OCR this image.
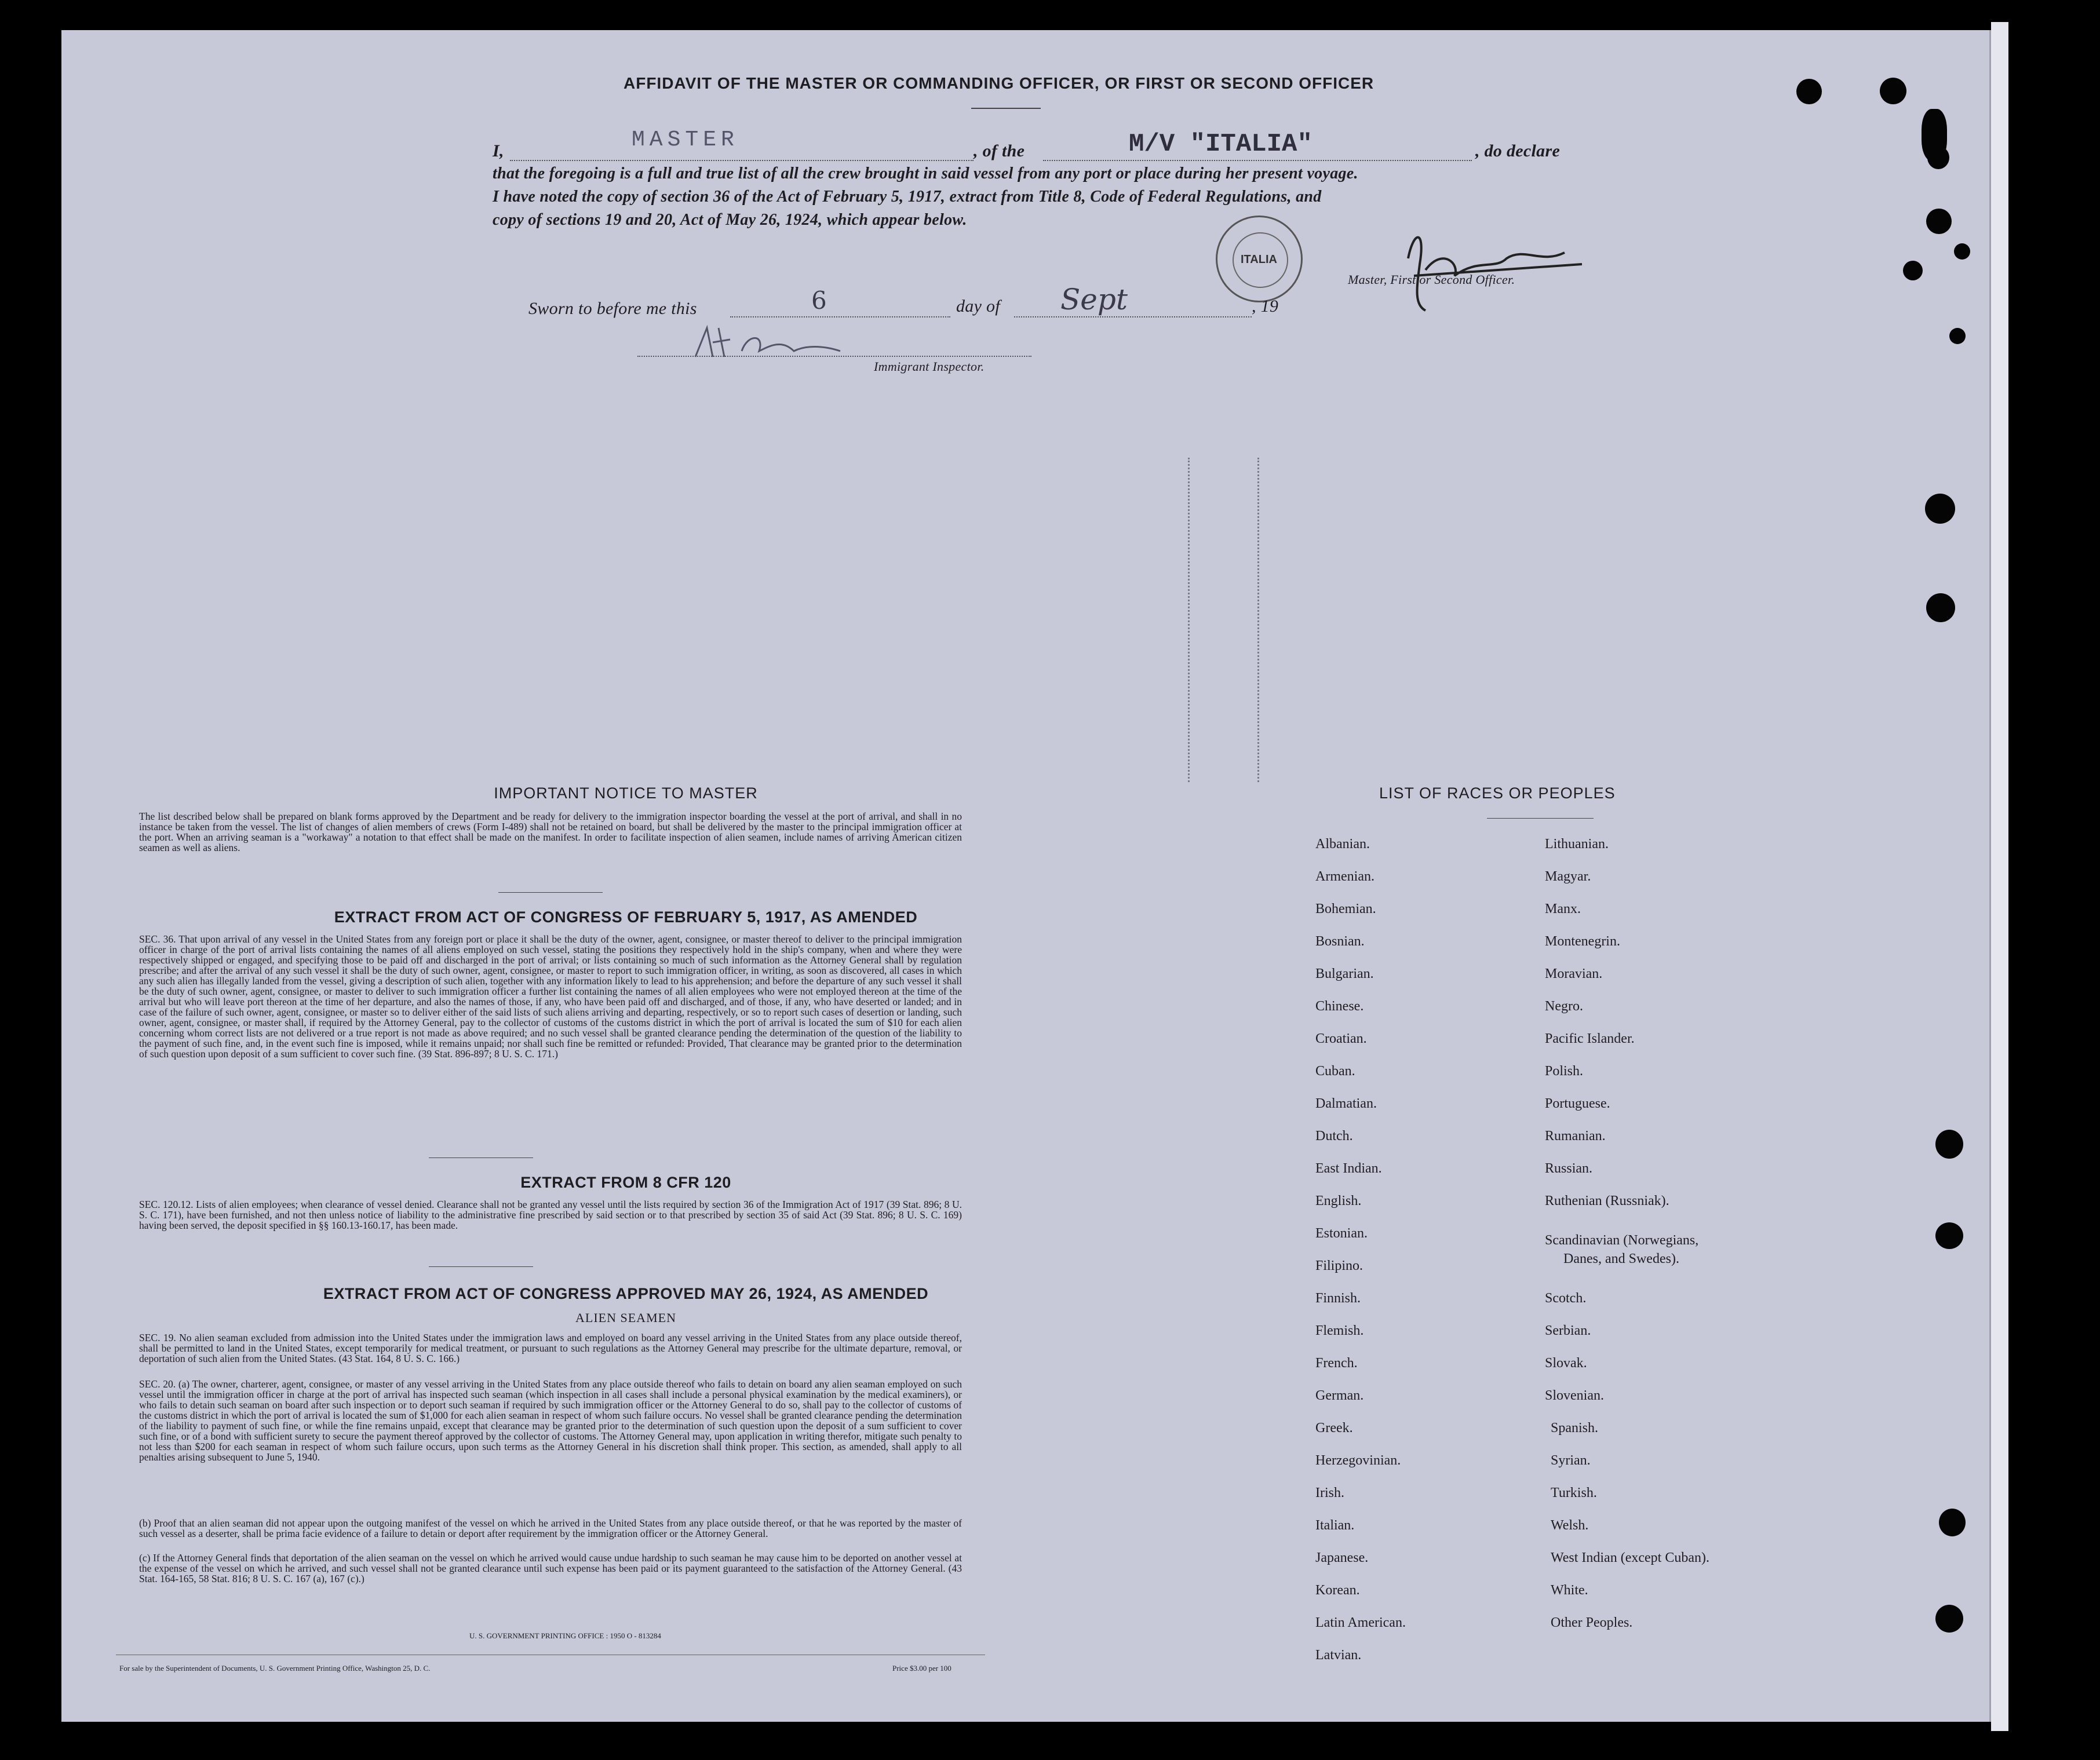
AFFIDAVIT OF THE MASTER OR COMMANDING OFFICER, OR FIRST OR SECOND OFFICER
I,	MASTER	, of the	M/V "ITALIA"	, do declare
that the foregoing is a full and true list of all the crew brought in said vessel from any port or place during her present voyage.
I have noted the copy of section 36 of the Act of February 5, 1917, extract from Title 8, Code of Federal Regulations, and
copy of sections 19 and 20, Act of May 26, 1924, which appear below.
ITALIA
Master, First or Second Officer.
Sworn to before me this	6	day of Sept	, 19
Immigrant Inspector.
IMPORTANT NOTICE TO MASTER
The list described below shall be prepared on blank forms approved by the Department and be ready for delivery to the immigration inspector boarding the vessel at the port of arrival, and shall in no instance be taken from the vessel. The list of changes of alien members of crews (Form I-489) shall not be retained on board, but shall be delivered by the master to the principal immigration officer at the port. When an arriving seaman is a "workaway" a notation to that effect shall be made on the manifest. In order to facilitate inspection of alien seamen, include names of arriving American citizen seamen as well as aliens.
EXTRACT FROM ACT OF CONGRESS OF FEBRUARY 5, 1917, AS AMENDED
SEC. 36. That upon arrival of any vessel in the United States from any foreign port or place it shall be the duty of the owner, agent, consignee, or master thereof to deliver to the principal immigration officer in charge of the port of arrival lists containing the names of all aliens employed on such vessel, stating the positions they respectively hold in the ship's company, when and where they were respectively shipped or engaged, and specifying those to be paid off and discharged in the port of arrival; or lists containing so much of such information as the Attorney General shall by regulation prescribe; and after the arrival of any such vessel it shall be the duty of such owner, agent, consignee, or master to report to such immigration officer, in writing, as soon as discovered, all cases in which any such alien has illegally landed from the vessel, giving a description of such alien, together with any information likely to lead to his apprehension; and before the departure of any such vessel it shall be the duty of such owner, agent, consignee, or master to deliver to such immigration officer a further list containing the names of all alien employees who were not employed thereon at the time of the arrival but who will leave port thereon at the time of her departure, and also the names of those, if any, who have been paid off and discharged, and of those, if any, who have deserted or landed; and in case of the failure of such owner, agent, consignee, or master so to deliver either of the said lists of such aliens arriving and departing, respectively, or so to report such cases of desertion or landing, such owner, agent, consignee, or master shall, if required by the Attorney General, pay to the collector of customs of the customs district in which the port of arrival is located the sum of $10 for each alien concerning whom correct lists are not delivered or a true report is not made as above required; and no such vessel shall be granted clearance pending the determination of the question of the liability to the payment of such fine, and, in the event such fine is imposed, while it remains unpaid; nor shall such fine be remitted or refunded: Provided, That clearance may be granted prior to the determination of such question upon deposit of a sum sufficient to cover such fine. (39 Stat. 896-897; 8 U. S. C. 171.)
EXTRACT FROM 8 CFR 120
SEC. 120.12. Lists of alien employees; when clearance of vessel denied. Clearance shall not be granted any vessel until the lists required by section 36 of the Immigration Act of 1917 (39 Stat. 896; 8 U. S. C. 171), have been furnished, and not then unless notice of liability to the administrative fine prescribed by said section or to that prescribed by section 35 of said Act (39 Stat. 896; 8 U. S. C. 169) having been served, the deposit specified in §§ 160.13-160.17, has been made.
EXTRACT FROM ACT OF CONGRESS APPROVED MAY 26, 1924, AS AMENDED
ALIEN SEAMEN
SEC. 19. No alien seaman excluded from admission into the United States under the immigration laws and employed on board any vessel arriving in the United States from any place outside thereof, shall be permitted to land in the United States, except temporarily for medical treatment, or pursuant to such regulations as the Attorney General may prescribe for the ultimate departure, removal, or deportation of such alien from the United States. (43 Stat. 164, 8 U. S. C. 166.)
SEC. 20. (a) The owner, charterer, agent, consignee, or master of any vessel arriving in the United States from any place outside thereof who fails to detain on board any alien seaman employed on such vessel until the immigration officer in charge at the port of arrival has inspected such seaman (which inspection in all cases shall include a personal physical examination by the medical examiners), or who fails to detain such seaman on board after such inspection or to deport such seaman if required by such immigration officer or the Attorney General to do so, shall pay to the collector of customs of the customs district in which the port of arrival is located the sum of $1,000 for each alien seaman in respect of whom such failure occurs. No vessel shall be granted clearance pending the determination of the liability to payment of such fine, or while the fine remains unpaid, except that clearance may be granted prior to the determination of such question upon the deposit of a sum sufficient to cover such fine, or of a bond with sufficient surety to secure the payment thereof approved by the collector of customs. The Attorney General may, upon application in writing therefor, mitigate such penalty to not less than $200 for each seaman in respect of whom such failure occurs, upon such terms as the Attorney General in his discretion shall think proper. This section, as amended, shall apply to all penalties arising subsequent to June 5, 1940.
(b) Proof that an alien seaman did not appear upon the outgoing manifest of the vessel on which he arrived in the United States from any place outside thereof, or that he was reported by the master of such vessel as a deserter, shall be prima facie evidence of a failure to detain or deport after requirement by the immigration officer or the Attorney General.
(c) If the Attorney General finds that deportation of the alien seaman on the vessel on which he arrived would cause undue hardship to such seaman he may cause him to be deported on another vessel at the expense of the vessel on which he arrived, and such vessel shall not be granted clearance until such expense has been paid or its payment guaranteed to the satisfaction of the Attorney General. (43 Stat. 164-165, 58 Stat. 816; 8 U. S. C. 167 (a), 167 (c).)
U. S. GOVERNMENT PRINTING OFFICE : 1950 O - 813284
For sale by the Superintendent of Documents, U. S. Government Printing Office, Washington 25, D. C.	Price $3.00 per 100
LIST OF RACES OR PEOPLES
Albanian.
Armenian.
Bohemian.
Bosnian.
Bulgarian.
Chinese.
Croatian.
Cuban.
Dalmatian.
Dutch.
East Indian.
English.
Estonian.
Filipino.
Finnish.
Flemish.
French.
German.
Greek.
Herzegovinian.
Irish.
Italian.
Japanese.
Korean.
Latin American.
Latvian.
Lithuanian.
Magyar.
Manx.
Montenegrin.
Moravian.
Negro.
Pacific Islander.
Polish.
Portuguese.
Rumanian.
Russian.
Ruthenian (Russniak).
Scandinavian (Norwegians,
Danes, and Swedes).
Scotch.
Serbian.
Slovak.
Slovenian.
Spanish.
Syrian.
Turkish.
Welsh.
West Indian (except Cuban).
White.
Other Peoples.
